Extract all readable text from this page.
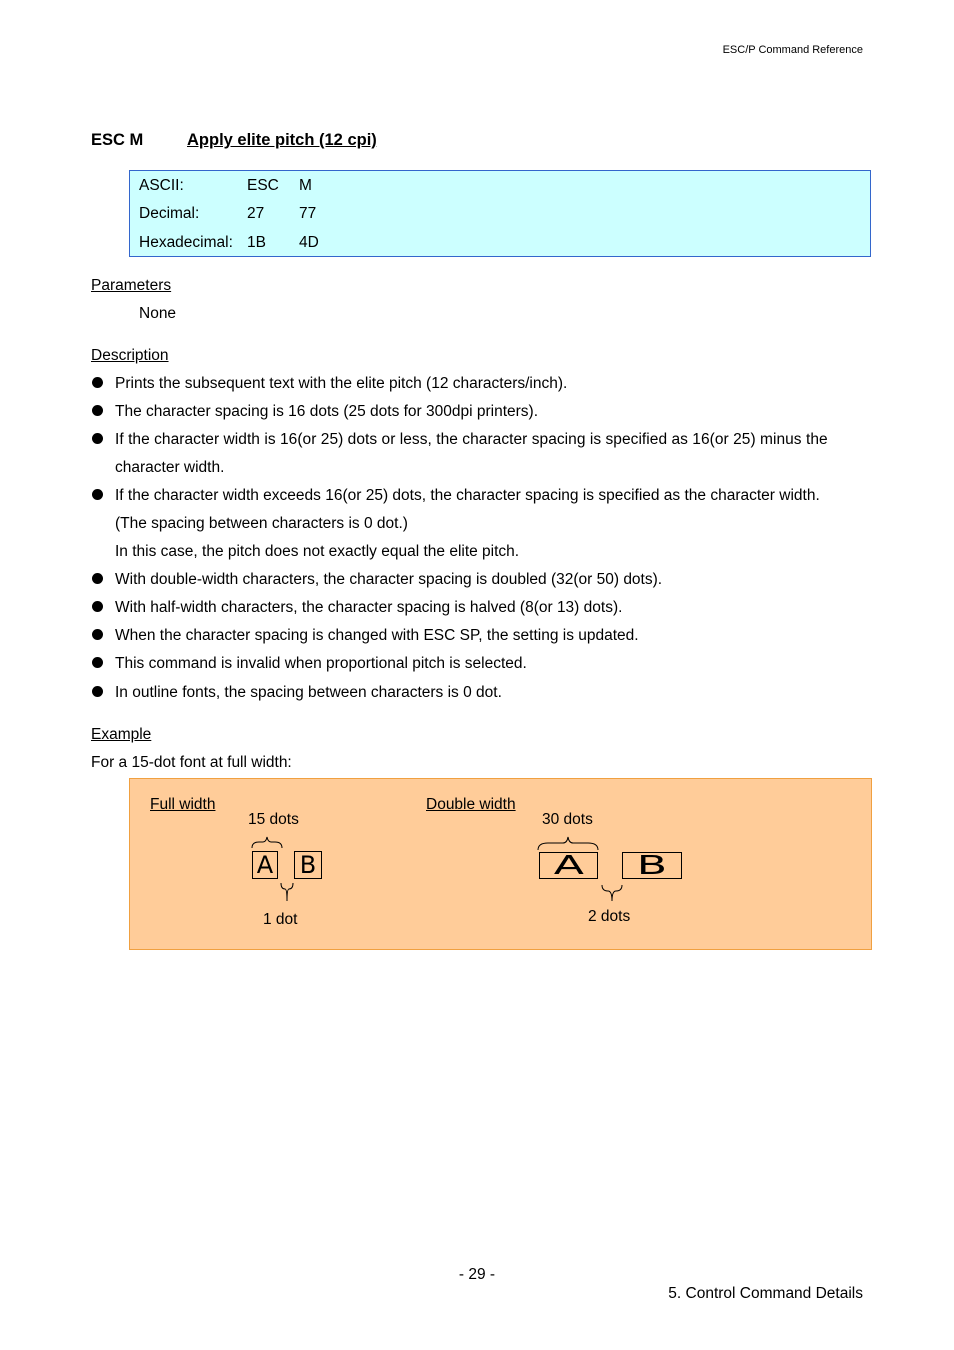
ESC/P Command Reference
ESC M	Apply elite pitch (12 cpi)
ASCII:	ESC M
Decimal:	27 77
Hexadecimal: 1B 4D
Parameters
None
Description
Prints the subsequent text with the elite pitch (12 characters/inch).
The character spacing is 16 dots (25 dots for 300dpi printers).
If the character width is 16(or 25) dots or less, the character spacing is specified as 16(or 25) minus the
character width.
If the character width exceeds 16(or 25) dots, the character spacing is specified as the character width.
(The spacing between characters is 0 dot.)
In this case, the pitch does not exactly equal the elite pitch.
With double-width characters, the character spacing is doubled (32(or 50) dots).
With half-width characters, the character spacing is halved (8(or 13) dots).
When the character spacing is changed with ESC SP, the setting is updated.
This command is invalid when proportional pitch is selected.
In outline fonts, the spacing between characters is 0 dot.
Example
For a 15-dot font at full width:
Full width
15 dots
A B
1 dot
Double width
30 dots
A B
2 dots
- 29 -
5. Control Command Details
